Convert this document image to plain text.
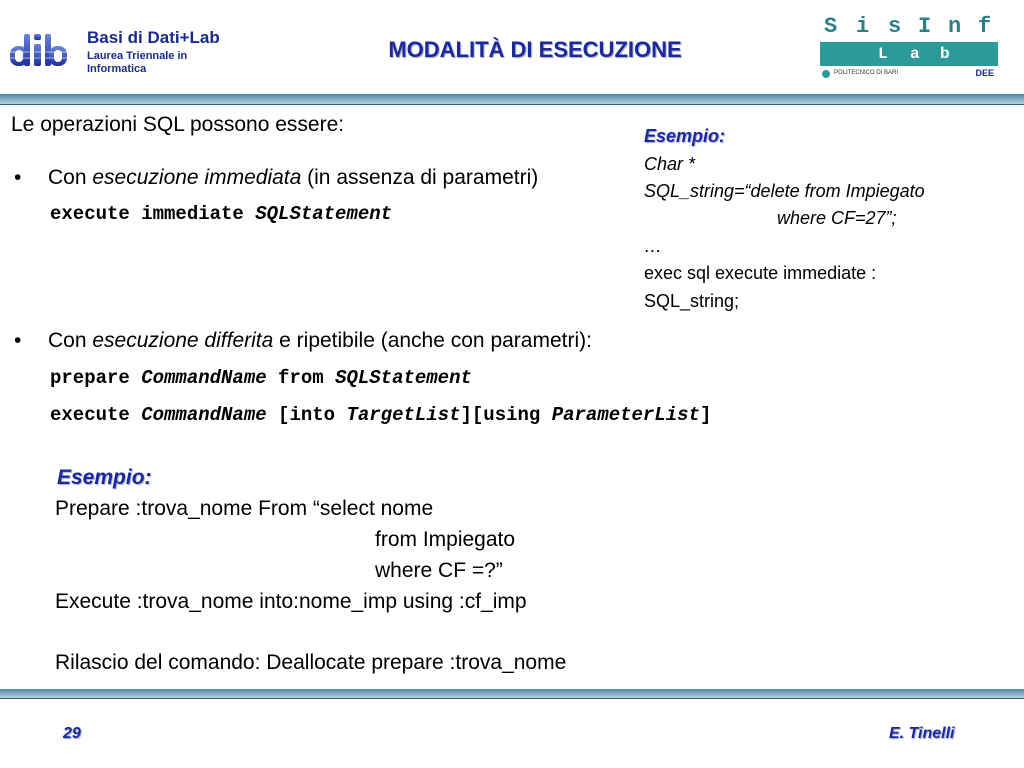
Basi di Dati+Lab
Laurea Triennale in
Informatica
MODALITÀ DI ESECUZIONE
S i s I n f
L a b
POLITECNICO DI BARI	DEE
Le operazioni SQL possono essere:
• Con esecuzione immediata (in assenza di parametri)
execute immediate SQLStatement
Esempio:
Char *
SQL_string=“delete from Impiegato
where CF=27”;
…
exec sql execute immediate :
SQL_string;
• Con esecuzione differita e ripetibile (anche con parametri):
prepare CommandName from SQLStatement
execute CommandName [into TargetList][using ParameterList]
Esempio:
Prepare :trova_nome From “select nome
from Impiegato
where CF =?”
Execute :trova_nome into:nome_imp using :cf_imp
Rilascio del comando: Deallocate prepare :trova_nome
29	E. Tinelli
